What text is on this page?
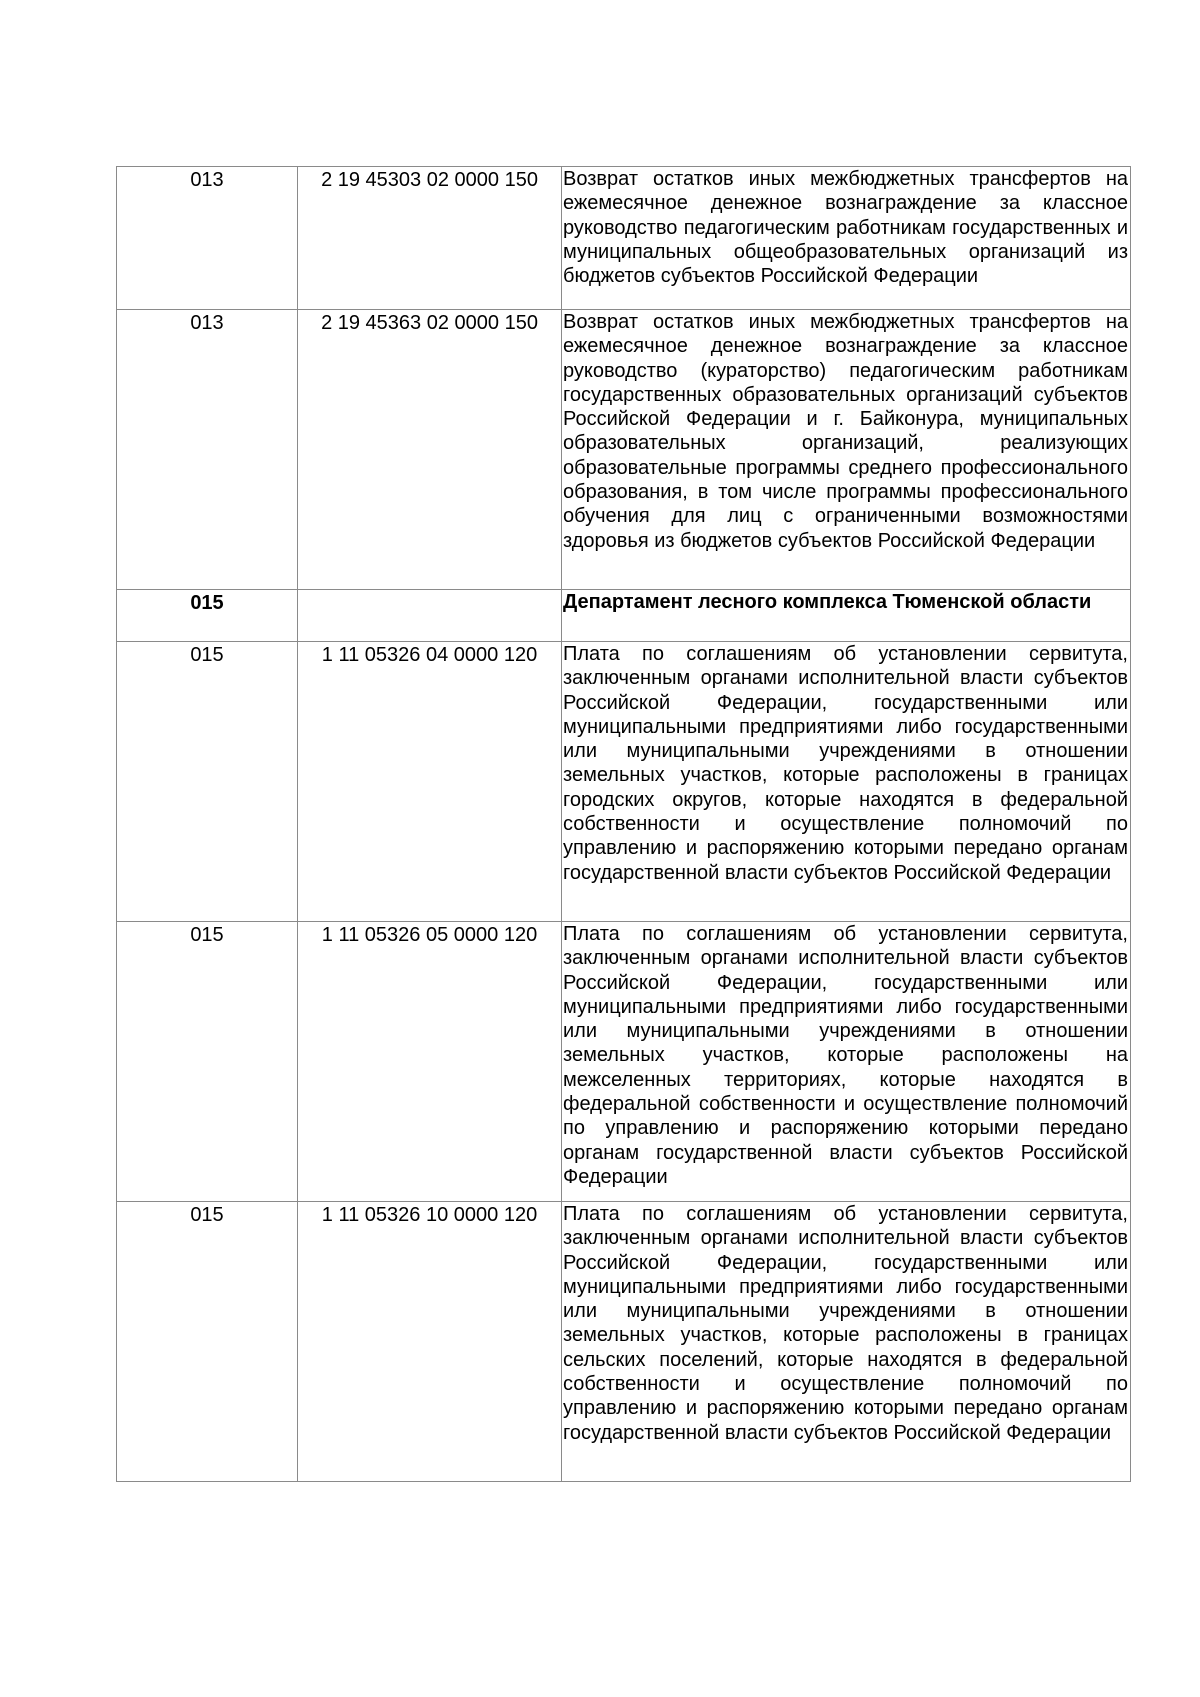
013	2 19 45303 02 0000 150	Возврат остатков иных межбюджетных трансфертов на ежемесячное денежное вознаграждение за классное руководство педагогическим работникам государственных и муниципальных общеобразовательных организаций из бюджетов субъектов Российской Федерации

013	2 19 45363 02 0000 150	Возврат остатков иных межбюджетных трансфертов на ежемесячное денежное вознаграждение за классное руководство (кураторство) педагогическим работникам государственных образовательных организаций субъектов Российской Федерации и г. Байконура, муниципальных образовательных организаций, реализующих образовательные программы среднего профессионального образования, в том числе программы профессионального обучения для лиц с ограниченными возможностями здоровья из бюджетов субъектов Российской Федерации

015		Департамент лесного комплекса Тюменской области

015	1 11 05326 04 0000 120	Плата по соглашениям об установлении сервитута, заключенным органами исполнительной власти субъектов Российской Федерации, государственными или муниципальными предприятиями либо государственными или муниципальными учреждениями в отношении земельных участков, которые расположены в границах городских округов, которые находятся в федеральной собственности и осуществление полномочий по управлению и распоряжению которыми передано органам государственной власти субъектов Российской Федерации

015	1 11 05326 05 0000 120	Плата по соглашениям об установлении сервитута, заключенным органами исполнительной власти субъектов Российской Федерации, государственными или муниципальными предприятиями либо государственными или муниципальными учреждениями в отношении земельных участков, которые расположены на межселенных территориях, которые находятся в федеральной собственности и осуществление полномочий по управлению и распоряжению которыми передано органам государственной власти субъектов Российской Федерации

015	1 11 05326 10 0000 120	Плата по соглашениям об установлении сервитута, заключенным органами исполнительной власти субъектов Российской Федерации, государственными или муниципальными предприятиями либо государственными или муниципальными учреждениями в отношении земельных участков, которые расположены в границах сельских поселений, которые находятся в федеральной собственности и осуществление полномочий по управлению и распоряжению которыми передано органам государственной власти субъектов Российской Федерации
